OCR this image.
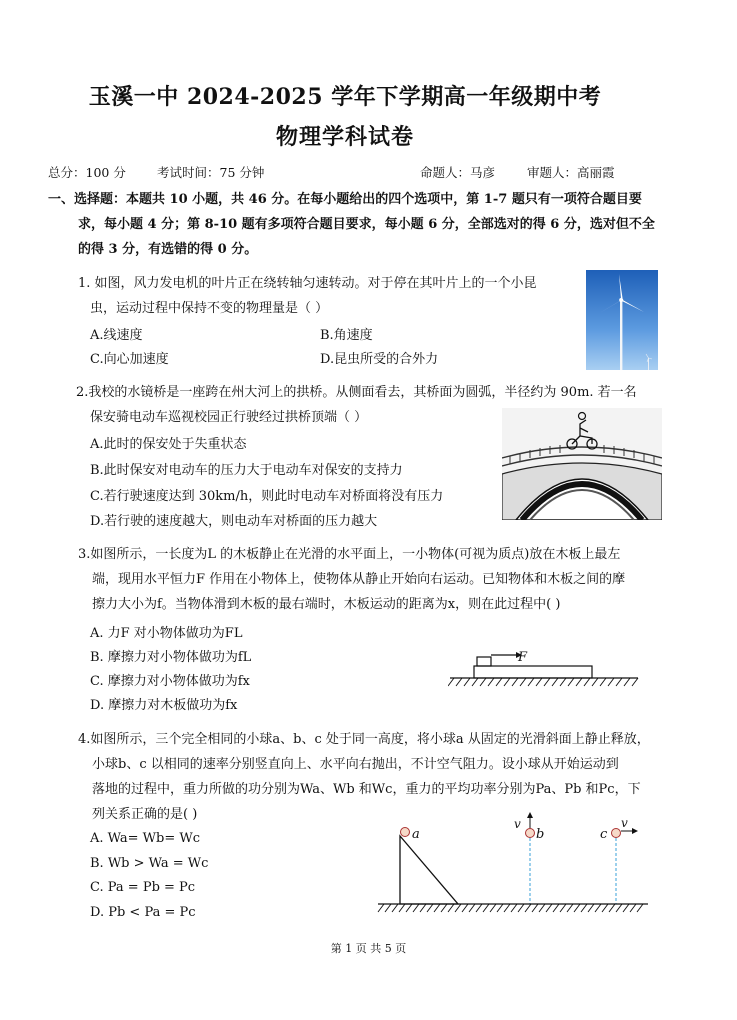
玉溪一中 2024-2025 学年下学期高一年级期中考
物理学科试卷
总分：100 分 考试时间：75 分钟	命题人：马彦	审题人：高丽霞
一、选择题：本题共 10 小题，共 46 分。在每小题给出的四个选项中，第 1-7 题只有一项符合题目要
求，每小题 4 分；第 8-10 题有多项符合题目要求，每小题 6 分，全部选对的得 6 分，选对但不全
的得 3 分，有选错的得 0 分。
1. 如图，风力发电机的叶片正在绕转轴匀速转动。对于停在其叶片上的一个小昆
虫，运动过程中保持不变的物理量是（ ）
A.线速度	B.角速度
C.向心加速度	D.昆虫所受的合外力
2.我校的水镜桥是一座跨在州大河上的拱桥。从侧面看去，其桥面为圆弧，半径约为 90m. 若一名
保安骑电动车巡视校园正行驶经过拱桥顶端（ ）
A.此时的保安处于失重状态
B.此时保安对电动车的压力大于电动车对保安的支持力
C.若行驶速度达到 30km/h，则此时电动车对桥面将没有压力
D.若行驶的速度越大，则电动车对桥面的压力越大
3.如图所示，一长度为L 的木板静止在光滑的水平面上，一小物体(可视为质点)放在木板上最左
端，现用水平恒力F 作用在小物体上，使物体从静止开始向右运动。已知物体和木板之间的摩
擦力大小为f。当物体滑到木板的最右端时，木板运动的距离为x，则在此过程中( )
A. 力F 对小物体做功为FL
B. 摩擦力对小物体做功为fL
C. 摩擦力对小物体做功为fx
D. 摩擦力对木板做功为fx
F
4.如图所示，三个完全相同的小球a、b、c 处于同一高度，将小球a 从固定的光滑斜面上静止释放，
小球b、c 以相同的速率分别竖直向上、水平向右抛出，不计空气阻力。设小球从开始运动到
落地的过程中，重力所做的功分别为Wa、Wb 和Wc，重力的平均功率分别为Pa、Pb 和Pc，下
列关系正确的是( )
A. Wa= Wb= Wc
B. Wb > Wa = Wc
C. Pa = Pb = Pc
D. Pb < Pa = Pc
a
v
b
v
c
第 1 页 共 5 页
